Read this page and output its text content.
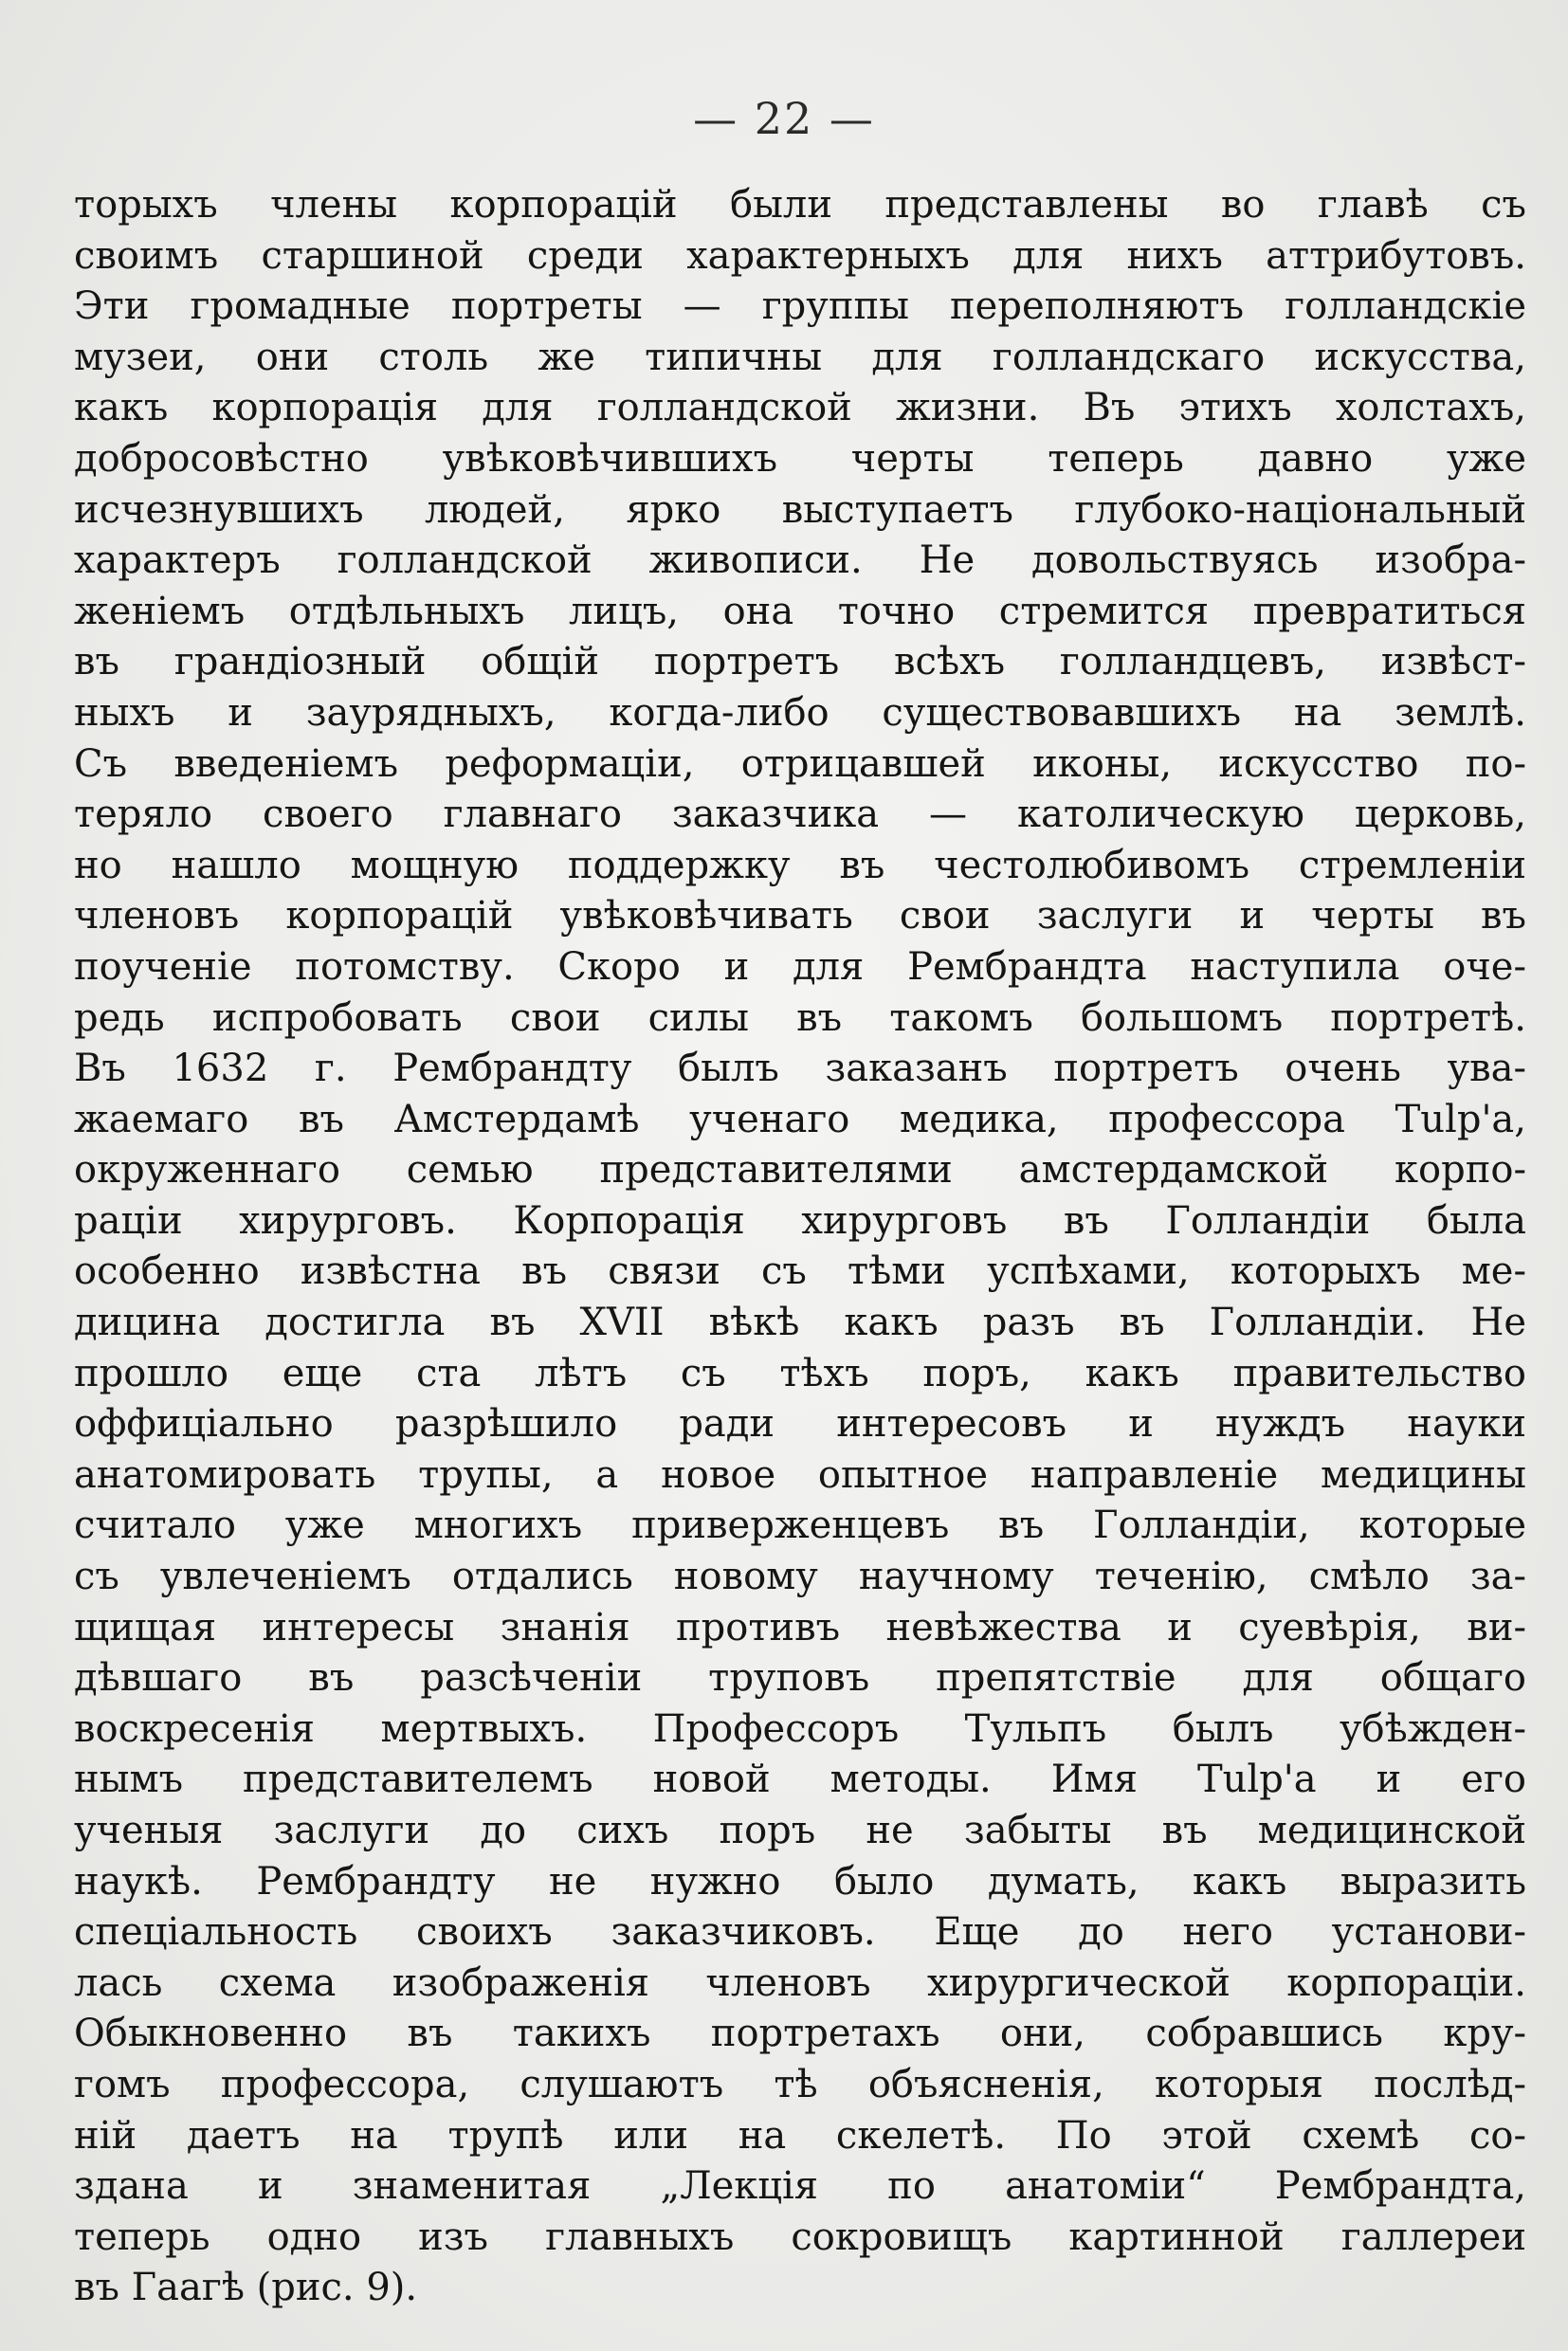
— 22 —
торыхъ члены корпорацій были представлены во главѣ съ
своимъ старшиной среди характерныхъ для нихъ аттрибутовъ.
Эти громадные портреты — группы переполняютъ голландскіе
музеи, они столь же типичны для голландскаго искусства,
какъ корпорація для голландской жизни. Въ этихъ холстахъ,
добросовѣстно увѣковѣчившихъ черты теперь давно уже
исчезнувшихъ людей, ярко выступаетъ глубоко-національный
характеръ голландской живописи. Не довольствуясь изобра-
женіемъ отдѣльныхъ лицъ, она точно стремится превратиться
въ грандіозный общій портретъ всѣхъ голландцевъ, извѣст-
ныхъ и заурядныхъ, когда-либо существовавшихъ на землѣ.
Съ введеніемъ реформаціи, отрицавшей иконы, искусство по-
теряло своего главнаго заказчика — католическую церковь,
но нашло мощную поддержку въ честолюбивомъ стремленіи
членовъ корпорацій увѣковѣчивать свои заслуги и черты въ
поученіе потомству. Скоро и для Рембрандта наступила оче-
редь испробовать свои силы въ такомъ большомъ портретѣ.
Въ 1632 г. Рембрандту былъ заказанъ портретъ очень ува-
жаемаго въ Амстердамѣ ученаго медика, профессора Tulp'а,
окруженнаго семью представителями амстердамской корпо-
раціи хирурговъ. Корпорація хирурговъ въ Голландіи была
особенно извѣстна въ связи съ тѣми успѣхами, которыхъ ме-
дицина достигла въ XVII вѣкѣ какъ разъ въ Голландіи. Не
прошло еще ста лѣтъ съ тѣхъ поръ, какъ правительство
оффиціально разрѣшило ради интересовъ и нуждъ науки
анатомировать трупы, а новое опытное направленіе медицины
считало уже многихъ приверженцевъ въ Голландіи, которые
съ увлеченіемъ отдались новому научному теченію, смѣло за-
щищая интересы знанія противъ невѣжества и суевѣрія, ви-
дѣвшаго въ разсѣченіи труповъ препятствіе для общаго
воскресенія мертвыхъ. Профессоръ Тульпъ былъ убѣжден-
нымъ представителемъ новой методы. Имя Tulp'а и его
ученыя заслуги до сихъ поръ не забыты въ медицинской
наукѣ. Рембрандту не нужно было думать, какъ выразить
спеціальность своихъ заказчиковъ. Еще до него установи-
лась схема изображенія членовъ хирургической корпораціи.
Обыкновенно въ такихъ портретахъ они, собравшись кру-
гомъ профессора, слушаютъ тѣ объясненія, которыя послѣд-
ній даетъ на трупѣ или на скелетѣ. По этой схемѣ со-
здана и знаменитая „Лекція по анатоміи“ Рембрандта,
теперь одно изъ главныхъ сокровищъ картинной галлереи
въ Гаагѣ (рис. 9).
